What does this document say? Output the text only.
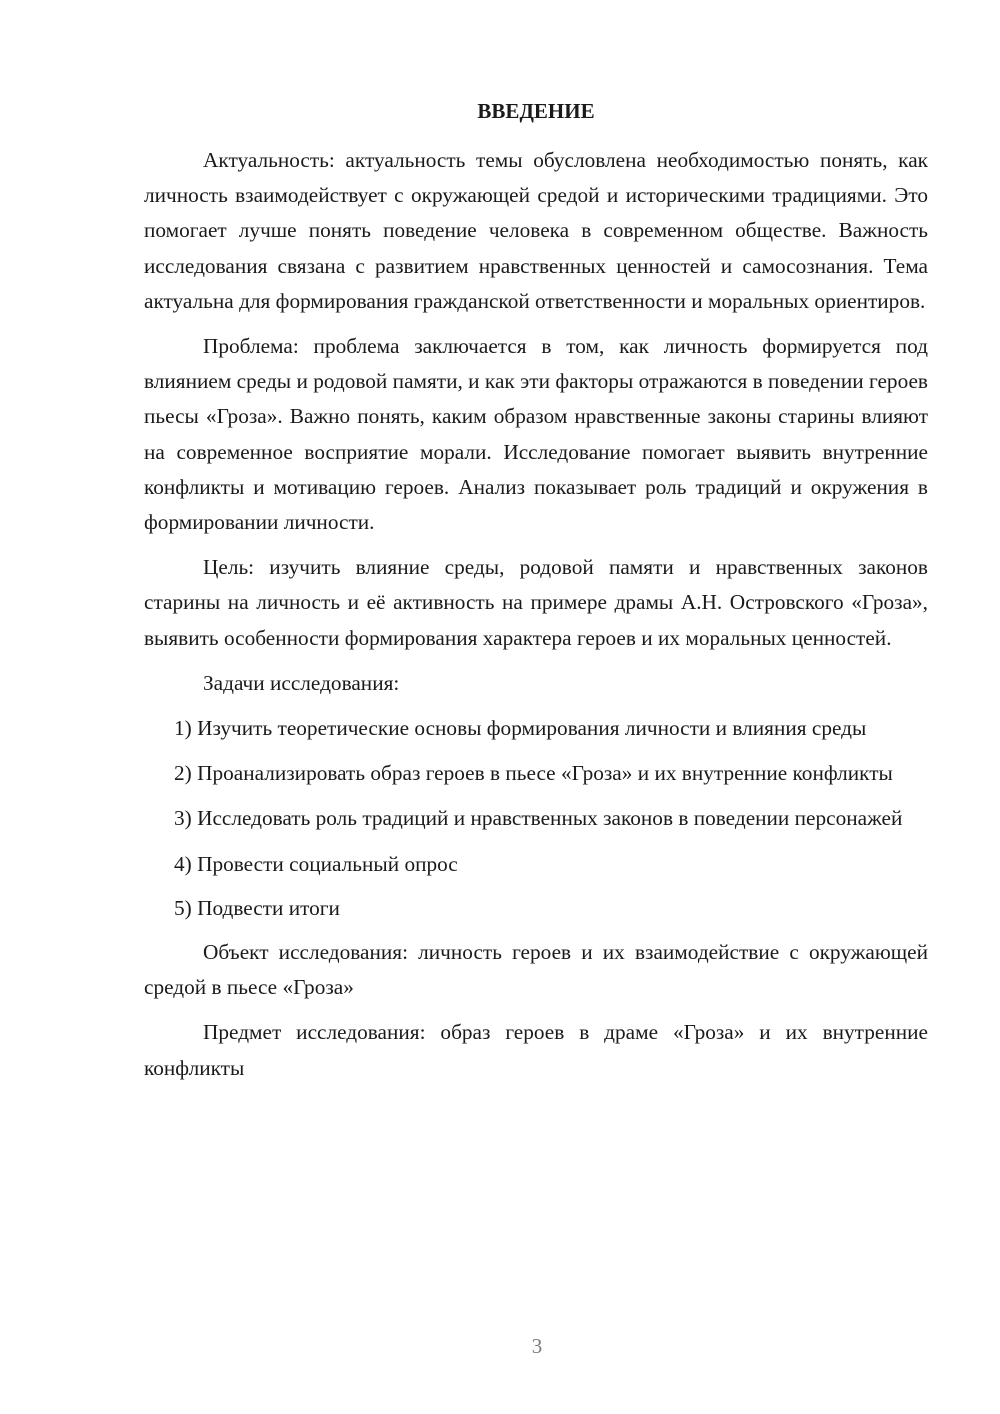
ВВЕДЕНИЕ

Актуальность: актуальность темы обусловлена необходимостью понять, как личность взаимодействует с окружающей средой и историческими традициями. Это помогает лучше понять поведение человека в современном обществе. Важность исследования связана с развитием нравственных ценностей и самосознания. Тема актуальна для формирования гражданской ответственности и моральных ориентиров.

Проблема: проблема заключается в том, как личность формируется под влиянием среды и родовой памяти, и как эти факторы отражаются в поведении героев пьесы «Гроза». Важно понять, каким образом нравственные законы старины влияют на современное восприятие морали. Исследование помогает выявить внутренние конфликты и мотивацию героев. Анализ показывает роль традиций и окружения в формировании личности.

Цель: изучить влияние среды, родовой памяти и нравственных законов старины на личность и её активность на примере драмы А.Н. Островского «Гроза», выявить особенности формирования характера героев и их моральных ценностей.

Задачи исследования:

1) Изучить теоретические основы формирования личности и влияния среды

2) Проанализировать образ героев в пьесе «Гроза» и их внутренние конфликты

3) Исследовать роль традиций и нравственных законов в поведении персонажей

4) Провести социальный опрос

5) Подвести итоги

Объект исследования: личность героев и их взаимодействие с окружающей средой в пьесе «Гроза»

Предмет исследования: образ героев в драме «Гроза» и их внутренние конфликты

3
